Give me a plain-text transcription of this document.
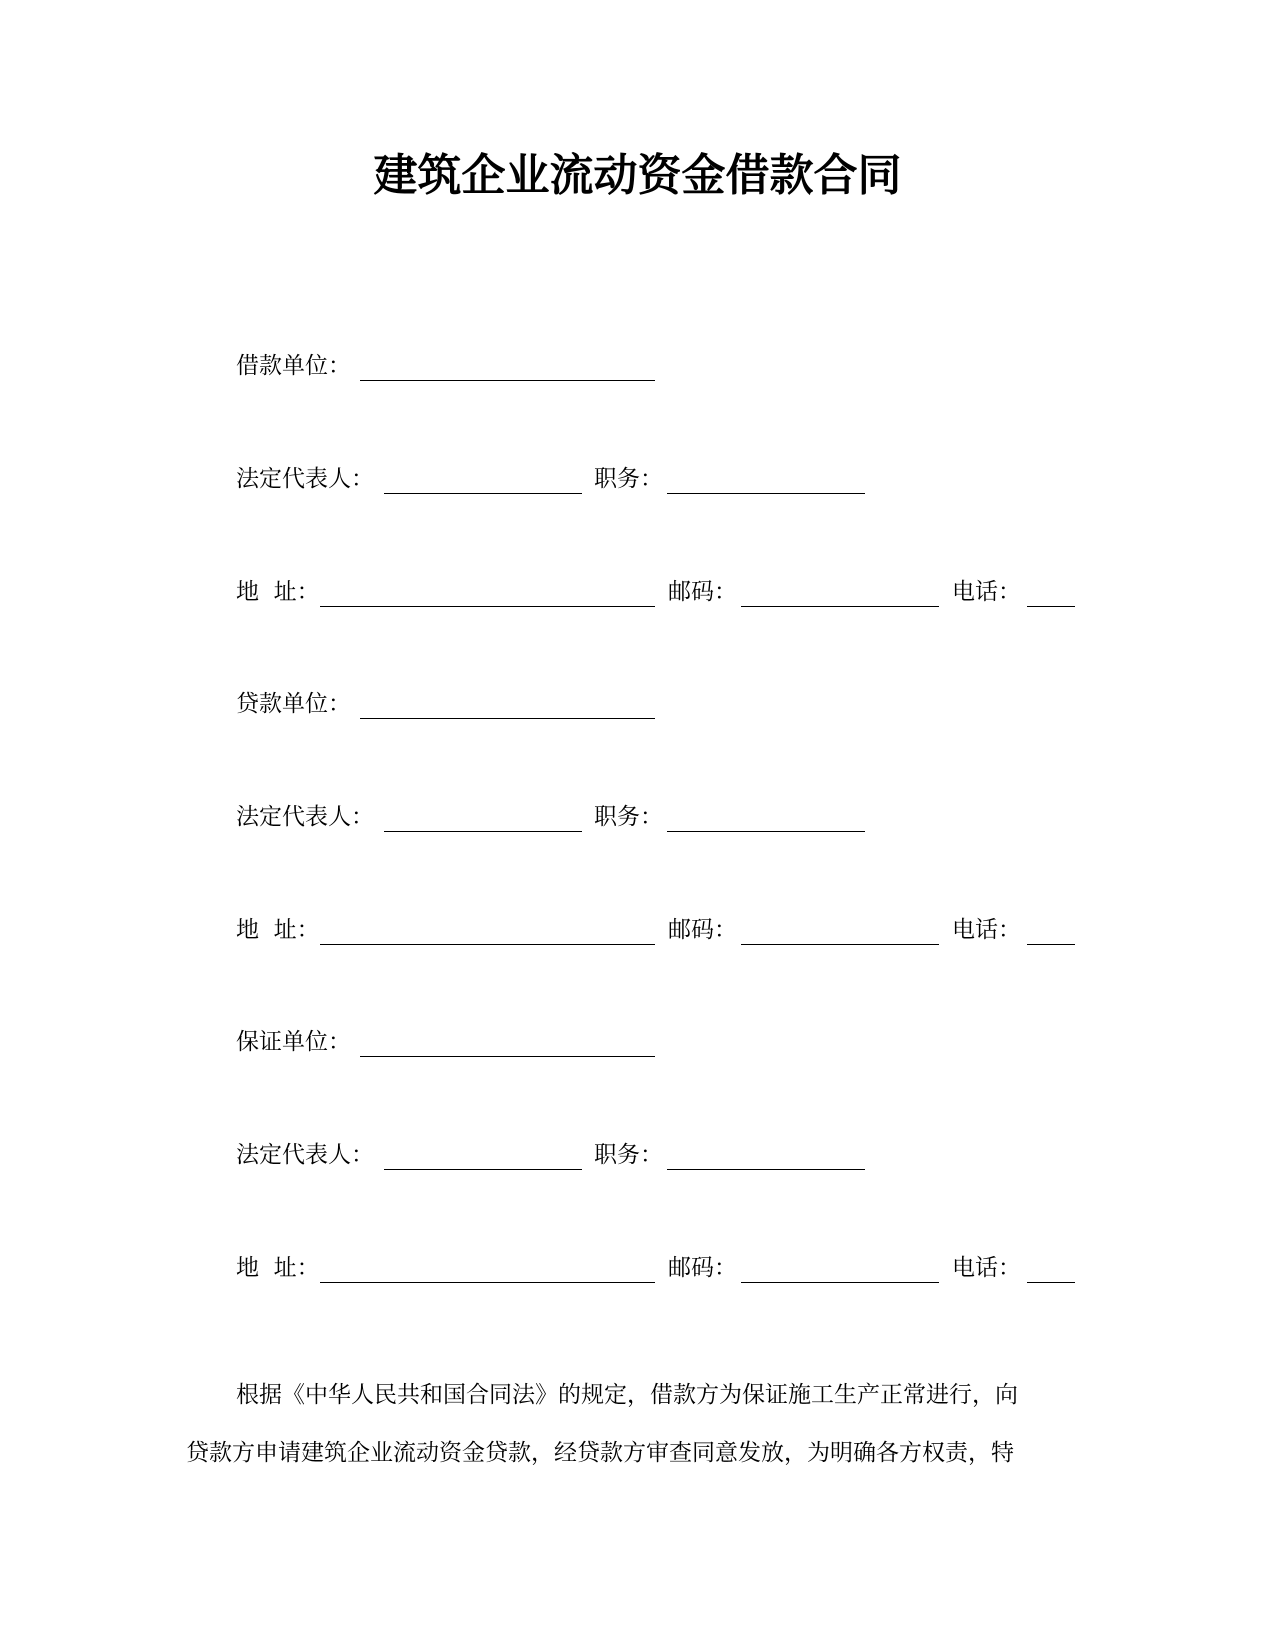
建筑企业流动资金借款合同
借款单位：
法定代表人：	职务：
地  址：	邮码：	电话：
贷款单位：
法定代表人：	职务：
地  址：	邮码：	电话：
保证单位：
法定代表人：	职务：
地  址：	邮码：	电话：
根据《中华人民共和国合同法》的规定，借款方为保证施工生产正常进行，向
贷款方申请建筑企业流动资金贷款，经贷款方审查同意发放，为明确各方权责，特
